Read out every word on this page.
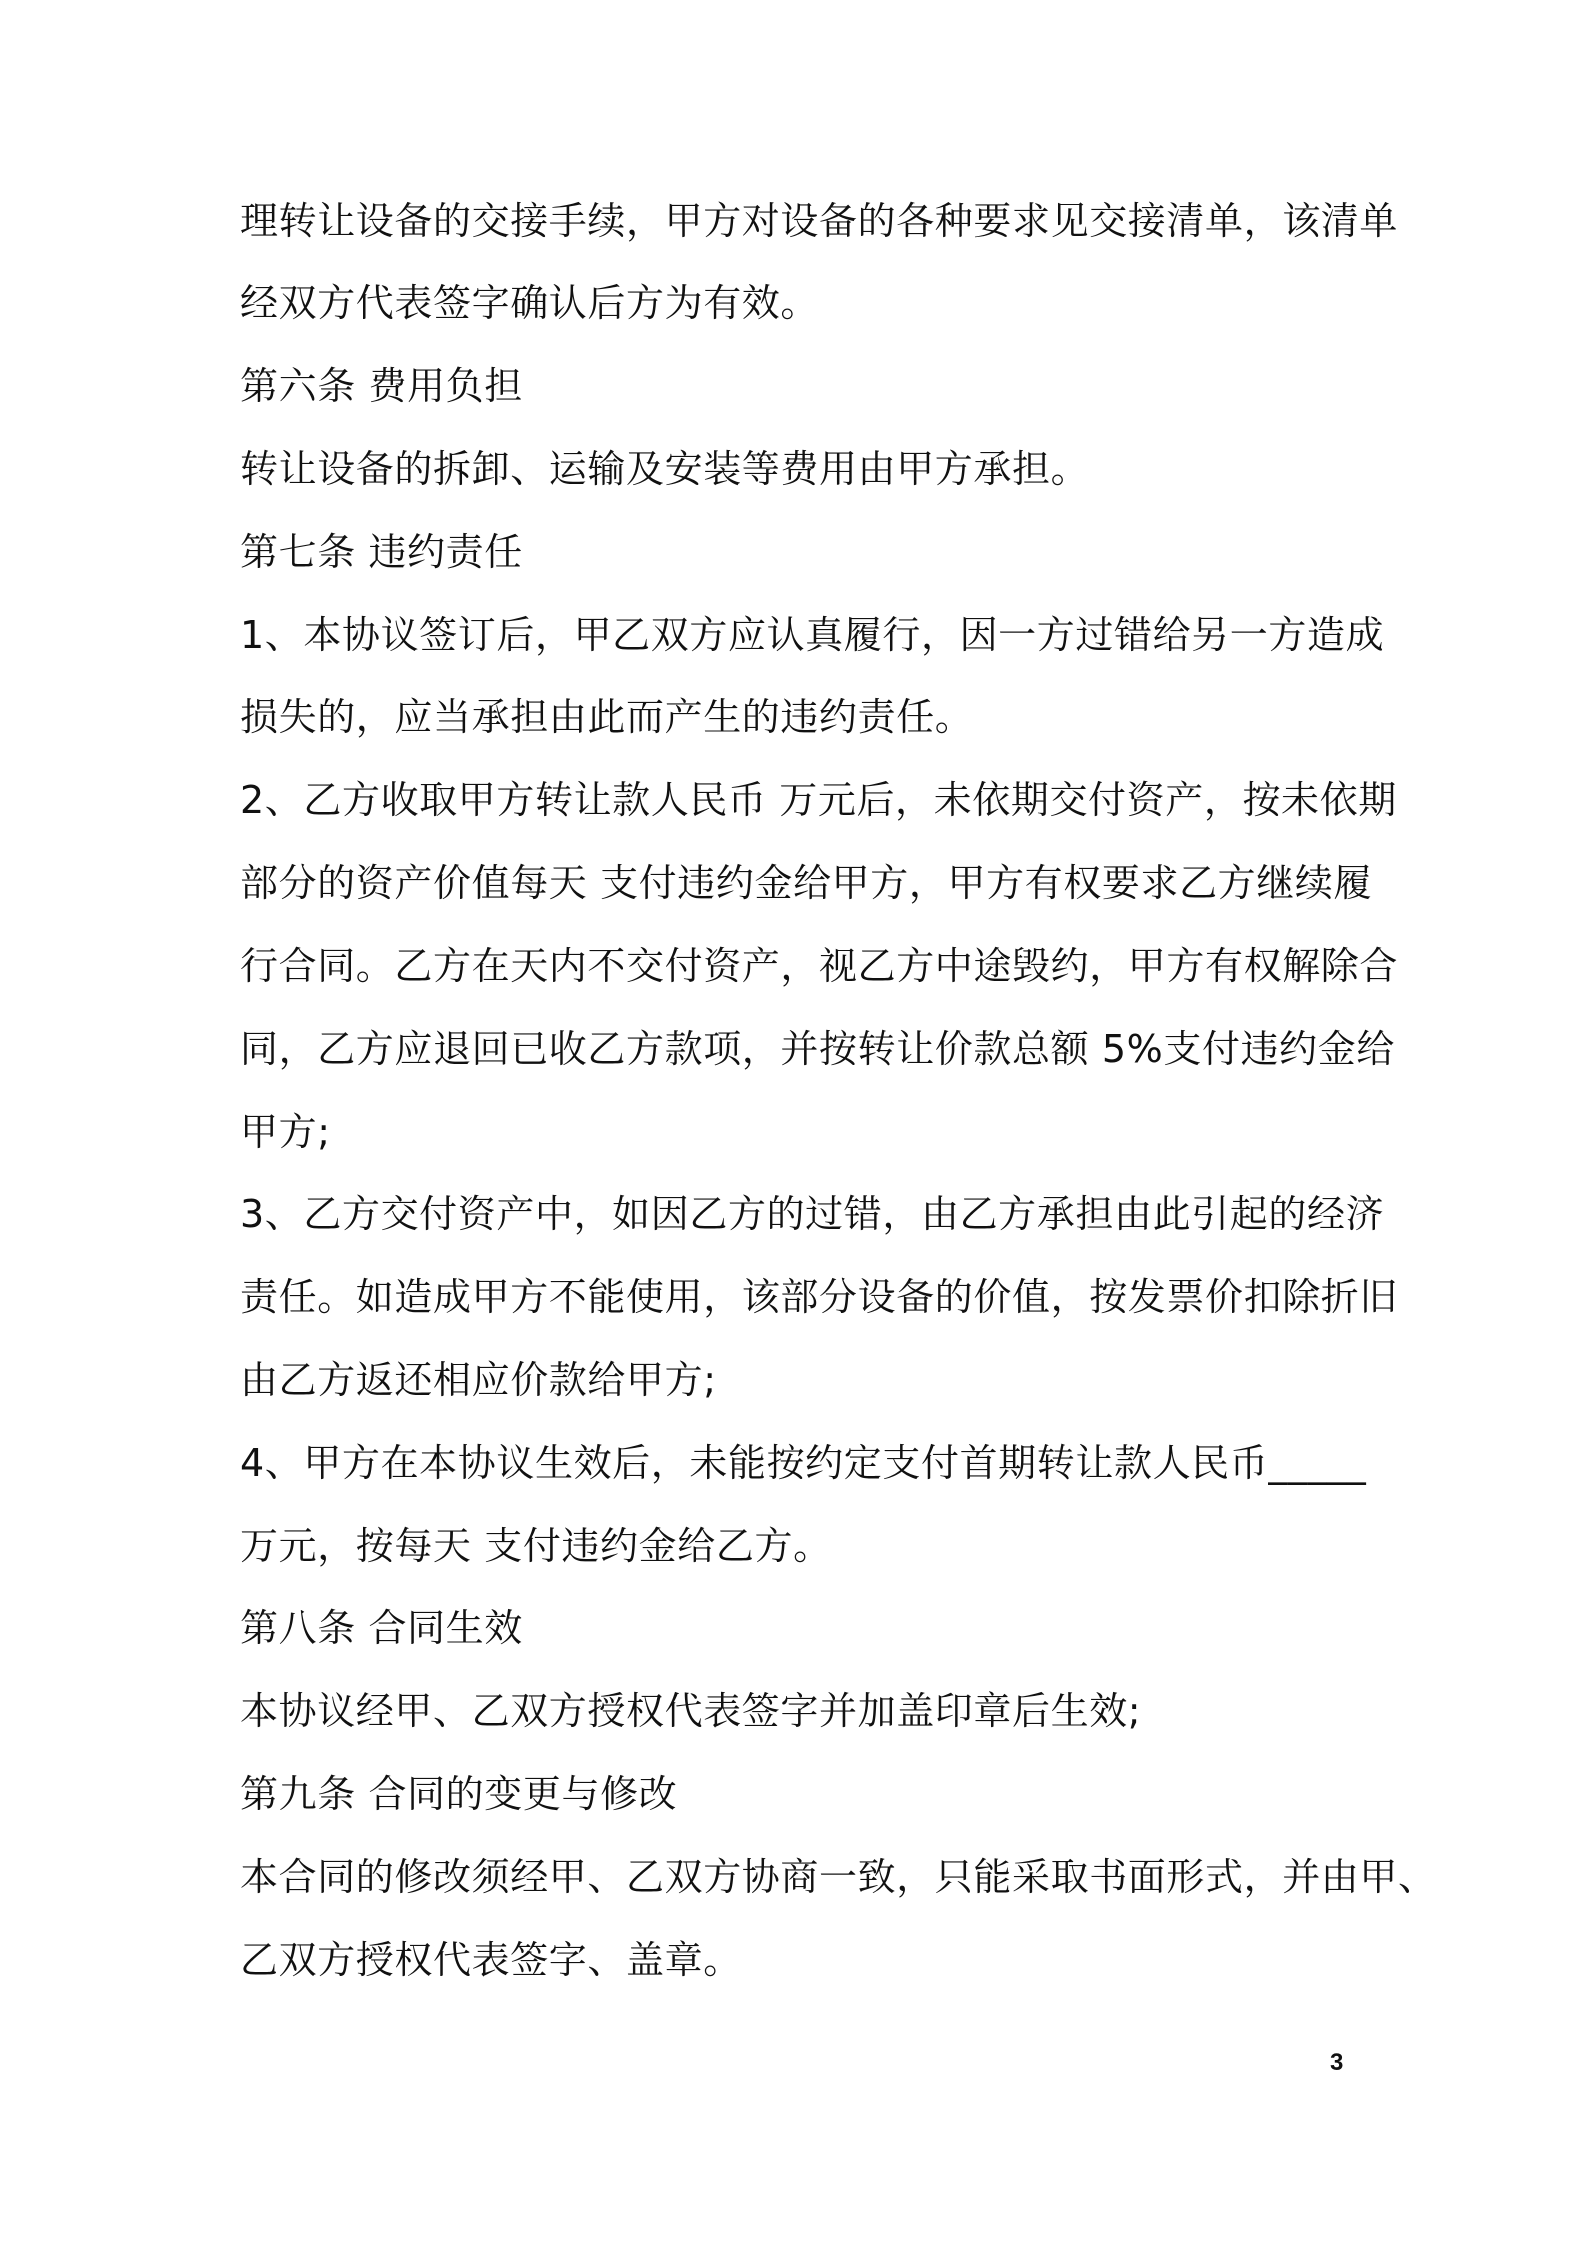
理转让设备的交接手续，甲方对设备的各种要求见交接清单，该清单
经双方代表签字确认后方为有效。
第六条 费用负担
转让设备的拆卸、运输及安装等费用由甲方承担。
第七条 违约责任
1、本协议签订后，甲乙双方应认真履行，因一方过错给另一方造成
损失的，应当承担由此而产生的违约责任。
2、乙方收取甲方转让款人民币 万元后，未依期交付资产，按未依期
部分的资产价值每天 支付违约金给甲方，甲方有权要求乙方继续履
行合同。乙方在天内不交付资产，视乙方中途毁约，甲方有权解除合
同，乙方应退回已收乙方款项，并按转让价款总额 5%支付违约金给
甲方;
3、乙方交付资产中，如因乙方的过错，由乙方承担由此引起的经济
责任。如造成甲方不能使用，该部分设备的价值，按发票价扣除折旧
由乙方返还相应价款给甲方;
4、甲方在本协议生效后，未能按约定支付首期转让款人民币_____
万元，按每天 支付违约金给乙方。
第八条 合同生效
本协议经甲、乙双方授权代表签字并加盖印章后生效;
第九条 合同的变更与修改
本合同的修改须经甲、乙双方协商一致，只能采取书面形式，并由甲、
乙双方授权代表签字、盖章。
3
